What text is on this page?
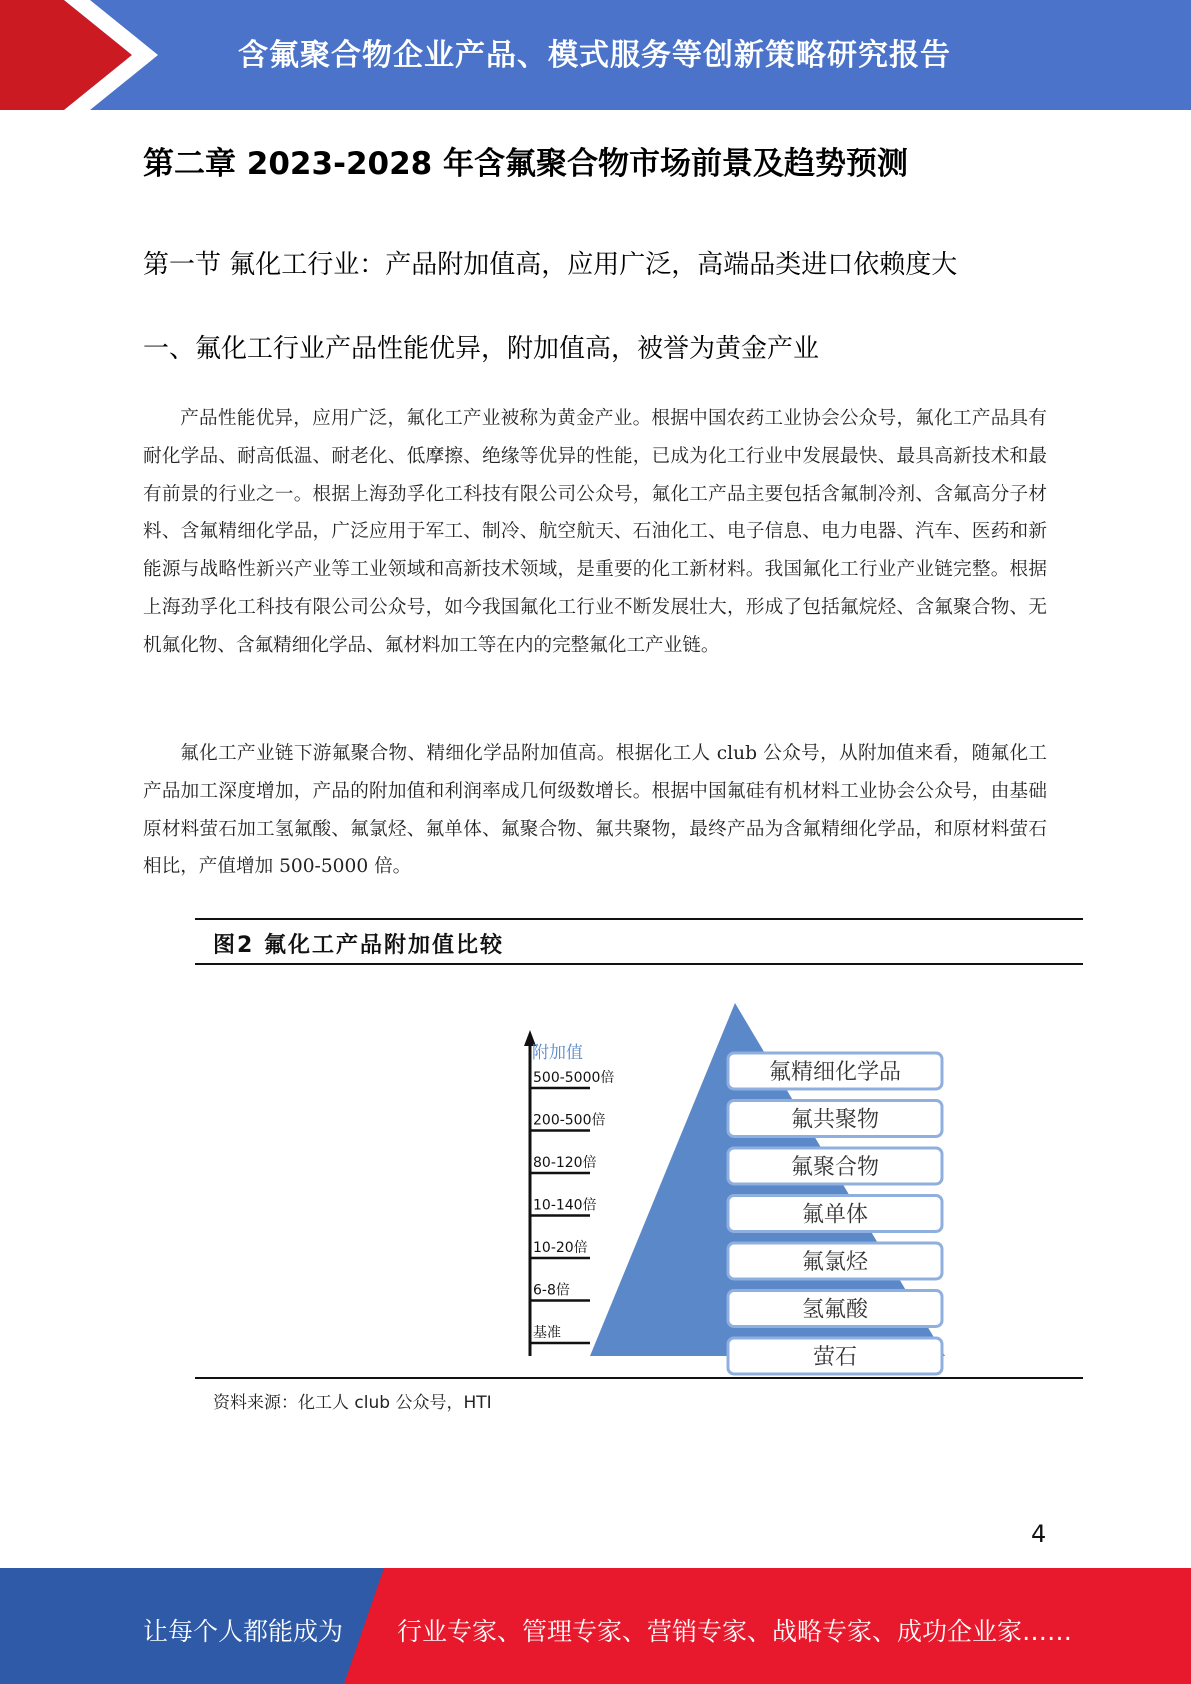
含氟聚合物企业产品、模式服务等创新策略研究报告
第二章 2023-2028 年含氟聚合物市场前景及趋势预测
第一节 氟化工行业：产品附加值高，应用广泛，高端品类进口依赖度大
一、氟化工行业产品性能优异，附加值高，被誉为黄金产业

产品性能优异，应用广泛，氟化工产业被称为黄金产业。根据中国农药工业协会公众号，氟化工产品具有耐化学品、耐高低温、耐老化、低摩擦、绝缘等优异的性能，已成为化工行业中发展最快、最具高新技术和最有前景的行业之一。根据上海劲孚化工科技有限公司公众号，氟化工产品主要包括含氟制冷剂、含氟高分子材料、含氟精细化学品，广泛应用于军工、制冷、航空航天、石油化工、电子信息、电力电器、汽车、医药和新能源与战略性新兴产业等工业领域和高新技术领域，是重要的化工新材料。我国氟化工行业产业链完整。根据上海劲孚化工科技有限公司公众号，如今我国氟化工行业不断发展壮大，形成了包括氟烷烃、含氟聚合物、无机氟化物、含氟精细化学品、氟材料加工等在内的完整氟化工产业链。

氟化工产业链下游氟聚合物、精细化学品附加值高。根据化工人 club 公众号，从附加值来看，随氟化工产品加工深度增加，产品的附加值和利润率成几何级数增长。根据中国氟硅有机材料工业协会公众号，由基础原材料萤石加工氢氟酸、氟氯烃、氟单体、氟聚合物、氟共聚物，最终产品为含氟精细化学品，和原材料萤石相比，产值增加 500-5000 倍。

图2 氟化工产品附加值比较
附加值
500-5000倍
200-500倍
80-120倍
10-140倍
10-20倍
6-8倍
基准
氟精细化学品
氟共聚物
氟聚合物
氟单体
氟氯烃
氢氟酸
萤石
资料来源：化工人 club 公众号，HTI
4
让每个人都能成为 行业专家、管理专家、营销专家、战略专家、成功企业家……
